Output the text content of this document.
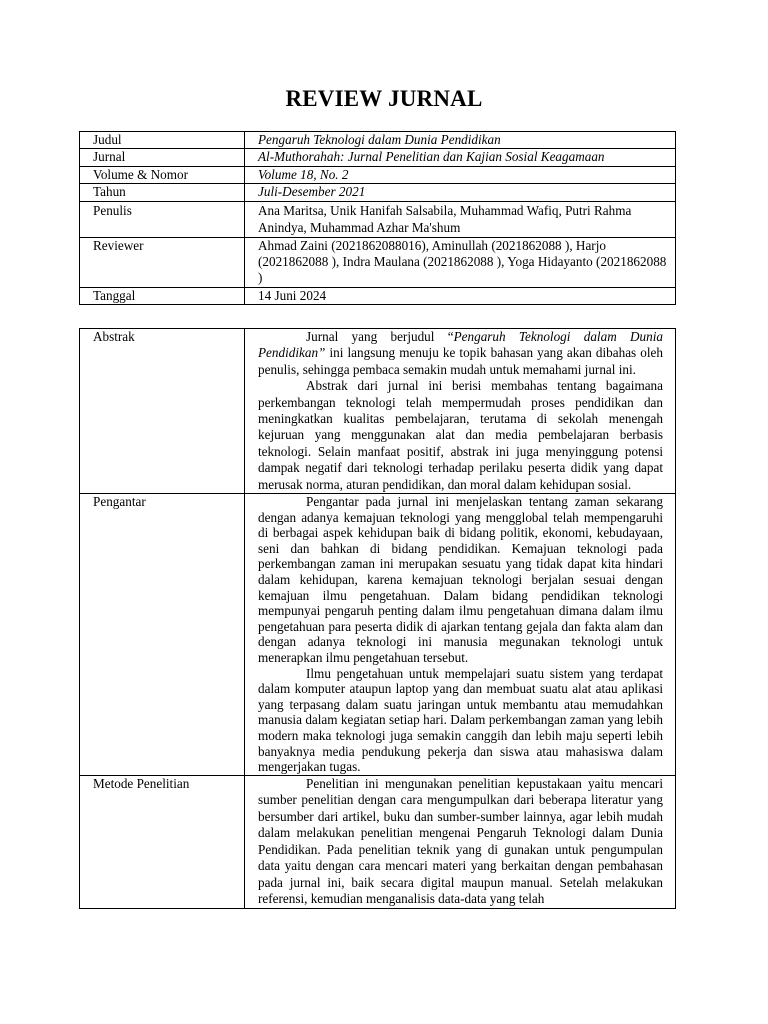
REVIEW JURNAL
Judul	Pengaruh Teknologi dalam Dunia Pendidikan
Jurnal	Al-Muthorahah: Jurnal Penelitian dan Kajian Sosial Keagamaan
Volume & Nomor	Volume 18, No. 2
Tahun	Juli-Desember 2021
Penulis	Ana Maritsa, Unik Hanifah Salsabila, Muhammad Wafiq, Putri Rahma Anindya, Muhammad Azhar Ma'shum
Reviewer	Ahmad Zaini (2021862088016), Aminullah (2021862088 ), Harjo (2021862088 ), Indra Maulana (2021862088 ), Yoga Hidayanto (2021862088 )
Tanggal	14 Juni 2024
Abstrak	Jurnal yang berjudul “Pengaruh Teknologi dalam Dunia Pendidikan” ini langsung menuju ke topik bahasan yang akan dibahas oleh penulis, sehingga pembaca semakin mudah untuk memahami jurnal ini.

Abstrak dari jurnal ini berisi membahas tentang bagaimana perkembangan teknologi telah mempermudah proses pendidikan dan meningkatkan kualitas pembelajaran, terutama di sekolah menengah kejuruan yang menggunakan alat dan media pembelajaran berbasis teknologi. Selain manfaat positif, abstrak ini juga menyinggung potensi dampak negatif dari teknologi terhadap perilaku peserta didik yang dapat merusak norma, aturan pendidikan, dan moral dalam kehidupan sosial.

Pengantar	Pengantar pada jurnal ini menjelaskan tentang zaman sekarang dengan adanya kemajuan teknologi yang mengglobal telah mempengaruhi di berbagai aspek kehidupan baik di bidang politik, ekonomi, kebudayaan, seni dan bahkan di bidang pendidikan. Kemajuan teknologi pada perkembangan zaman ini merupakan sesuatu yang tidak dapat kita hindari dalam kehidupan, karena kemajuan teknologi berjalan sesuai dengan kemajuan ilmu pengetahuan. Dalam bidang pendidikan teknologi mempunyai pengaruh penting dalam ilmu pengetahuan dimana dalam ilmu pengetahuan para peserta didik di ajarkan tentang gejala dan fakta alam dan dengan adanya teknologi ini manusia megunakan teknologi untuk menerapkan ilmu pengetahuan tersebut.

Ilmu pengetahuan untuk mempelajari suatu sistem yang terdapat dalam komputer ataupun laptop yang dan membuat suatu alat atau aplikasi yang terpasang dalam suatu jaringan untuk membantu atau memudahkan manusia dalam kegiatan setiap hari. Dalam perkembangan zaman yang lebih modern maka teknologi juga semakin canggih dan lebih maju seperti lebih banyaknya media pendukung pekerja dan siswa atau mahasiswa dalam mengerjakan tugas.

Metode Penelitian	Penelitian ini mengunakan penelitian kepustakaan yaitu mencari sumber penelitian dengan cara mengumpulkan dari beberapa literatur yang bersumber dari artikel, buku dan sumber-sumber lainnya, agar lebih mudah dalam melakukan penelitian mengenai Pengaruh Teknologi dalam Dunia Pendidikan. Pada penelitian teknik yang di gunakan untuk pengumpulan data yaitu dengan cara mencari materi yang berkaitan dengan pembahasan pada jurnal ini, baik secara digital maupun manual. Setelah melakukan referensi, kemudian menganalisis data-data yang telah
